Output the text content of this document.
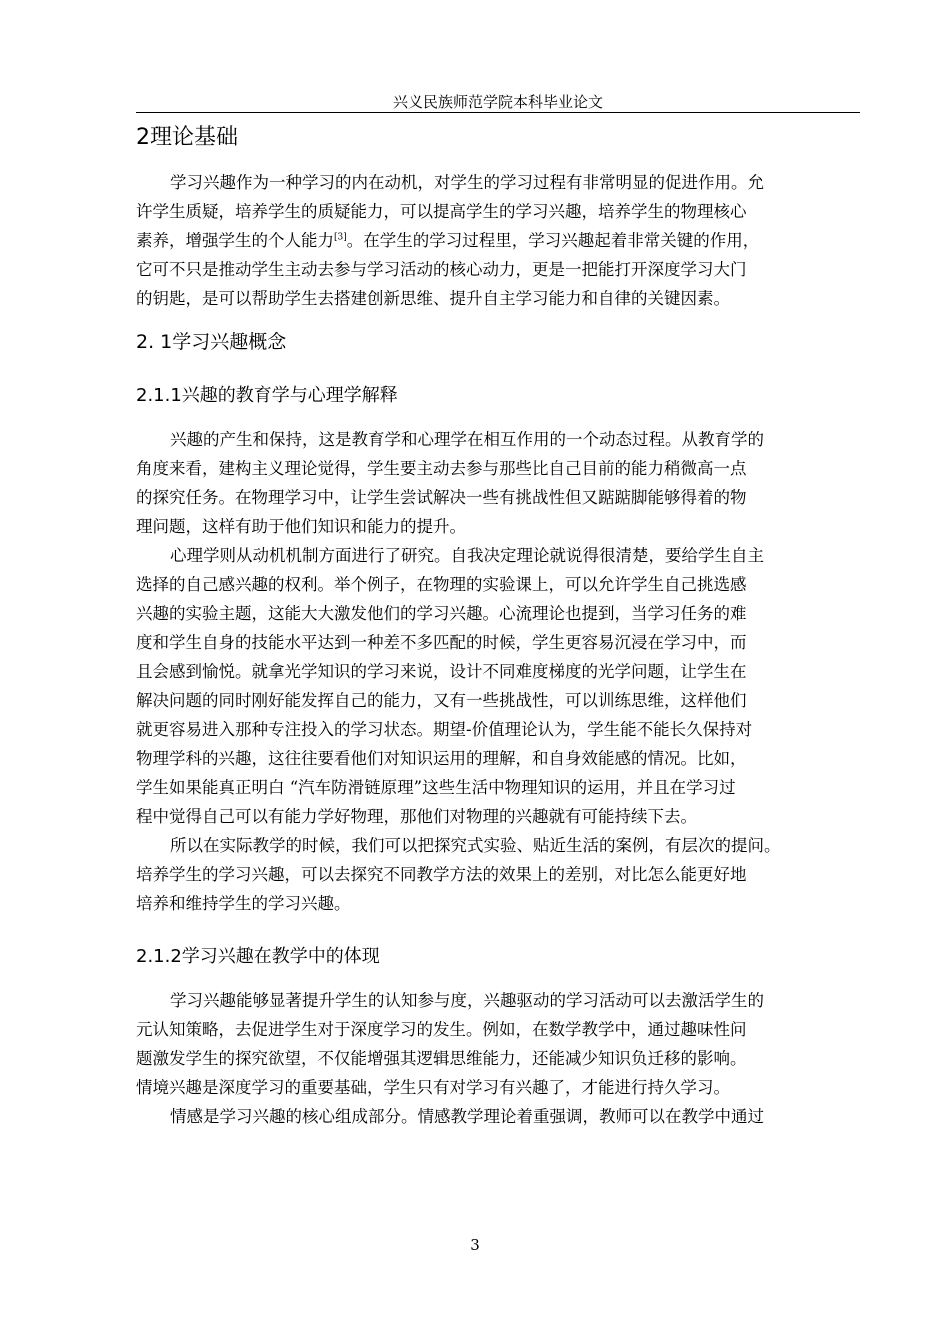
兴义民族师范学院本科毕业论文
2理论基础
学习兴趣作为一种学习的内在动机，对学生的学习过程有非常明显的促进作用。允
许学生质疑，培养学生的质疑能力，可以提高学生的学习兴趣，培养学生的物理核心
素养，增强学生的个人能力[3]。在学生的学习过程里，学习兴趣起着非常关键的作用，
它可不只是推动学生主动去参与学习活动的核心动力，更是一把能打开深度学习大门
的钥匙，是可以帮助学生去搭建创新思维、提升自主学习能力和自律的关键因素。
2. 1学习兴趣概念
2.1.1兴趣的教育学与心理学解释
兴趣的产生和保持，这是教育学和心理学在相互作用的一个动态过程。从教育学的
角度来看，建构主义理论觉得，学生要主动去参与那些比自己目前的能力稍微高一点
的探究任务。在物理学习中，让学生尝试解决一些有挑战性但又踮踮脚能够得着的物
理问题，这样有助于他们知识和能力的提升。
心理学则从动机机制方面进行了研究。自我决定理论就说得很清楚，要给学生自主
选择的自己感兴趣的权利。举个例子，在物理的实验课上，可以允许学生自己挑选感
兴趣的实验主题，这能大大激发他们的学习兴趣。心流理论也提到，当学习任务的难
度和学生自身的技能水平达到一种差不多匹配的时候，学生更容易沉浸在学习中，而
且会感到愉悦。就拿光学知识的学习来说，设计不同难度梯度的光学问题，让学生在
解决问题的同时刚好能发挥自己的能力，又有一些挑战性，可以训练思维，这样他们
就更容易进入那种专注投入的学习状态。期望-价值理论认为，学生能不能长久保持对
物理学科的兴趣，这往往要看他们对知识运用的理解，和自身效能感的情况。比如，
学生如果能真正明白 “汽车防滑链原理”这些生活中物理知识的运用，并且在学习过
程中觉得自己可以有能力学好物理，那他们对物理的兴趣就有可能持续下去。
所以在实际教学的时候，我们可以把探究式实验、贴近生活的案例，有层次的提问。
培养学生的学习兴趣，可以去探究不同教学方法的效果上的差别，对比怎么能更好地
培养和维持学生的学习兴趣。
2.1.2学习兴趣在教学中的体现
学习兴趣能够显著提升学生的认知参与度，兴趣驱动的学习活动可以去激活学生的
元认知策略，去促进学生对于深度学习的发生。例如，在数学教学中，通过趣味性问
题激发学生的探究欲望，不仅能增强其逻辑思维能力，还能减少知识负迁移的影响。
情境兴趣是深度学习的重要基础，学生只有对学习有兴趣了，才能进行持久学习。
情感是学习兴趣的核心组成部分。情感教学理论着重强调，教师可以在教学中通过
3
